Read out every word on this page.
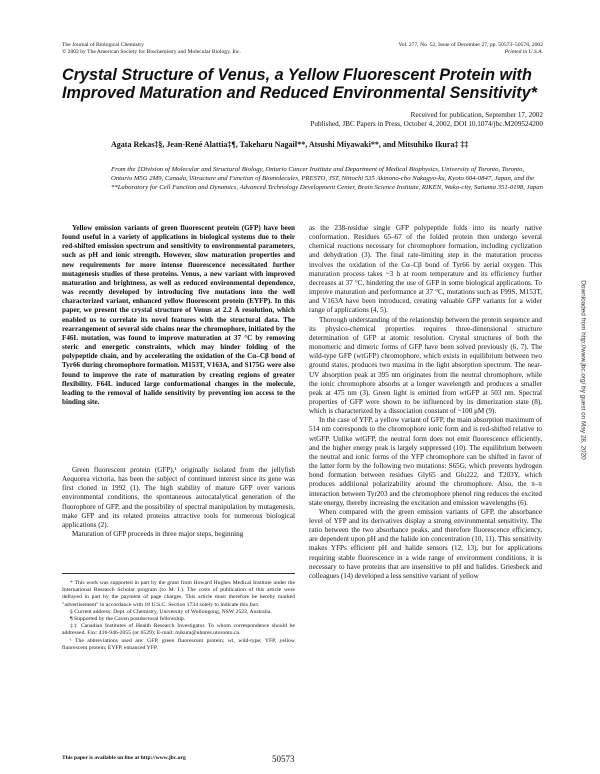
The Journal of Biological Chemistry
© 2002 by The American Society for Biochemistry and Molecular Biology, Inc.
Vol. 277, No. 52, Issue of December 27, pp. 50573–50578, 2002
Printed in U.S.A.
Crystal Structure of Venus, a Yellow Fluorescent Protein with Improved Maturation and Reduced Environmental Sensitivity*
Received for publication, September 17, 2002
Published, JBC Papers in Press, October 4, 2002, DOI 10.1074/jbc.M209524200
Agata Rekas‡§, Jean-René Alattia‡¶, Takeharu Nagai‖**, Atsushi Miyawaki**, and Mitsuhiko Ikura‡ ‡‡
From the ‡Division of Molecular and Structural Biology, Ontario Cancer Institute and Department of Medical Biophysics, University of Toronto, Toronto, Ontario M5G 2M9, Canada, ‖Structure and Function of Biomolecules, PRESTO, JST, Nittochi 535 Akinono-cho Nakagyo-ku, Kyoto 604-0847, Japan, and the **Laboratory for Cell Function and Dynamics, Advanced Technology Development Center, Brain Science Institute, RIKEN, Wako-city, Saitama 351-0198, Japan

Yellow emission variants of green fluorescent protein (GFP) have been found useful in a variety of applications in biological systems due to their red-shifted emission spectrum and sensitivity to environmental parameters, such as pH and ionic strength. However, slow maturation properties and new requirements for more intense fluorescence necessitated further mutagenesis studies of these proteins. Venus, a new variant with improved maturation and brightness, as well as reduced environmental dependence, was recently developed by introducing five mutations into the well characterized variant, enhanced yellow fluorescent protein (EYFP). In this paper, we present the crystal structure of Venus at 2.2 Å resolution, which enabled us to correlate its novel features with the structural data. The rearrangement of several side chains near the chromophore, initiated by the F46L mutation, was found to improve maturation at 37 °C by removing steric and energetic constraints, which may hinder folding of the polypeptide chain, and by accelerating the oxidation of the Cα–Cβ bond of Tyr66 during chromophore formation. M153T, V163A, and S175G were also found to improve the rate of maturation by creating regions of greater flexibility. F64L induced large conformational changes in the molecule, leading to the removal of halide sensitivity by preventing ion access to the binding site.

Green fluorescent protein (GFP),¹ originally isolated from the jellyfish Aequorea victoria, has been the subject of continued interest since its gene was first cloned in 1992 (1). The high stability of mature GFP over various environmental conditions, the spontaneous autocatalytical generation of the fluorophore of GFP, and the possibility of spectral manipulation by mutagenesis, make GFP and its related proteins attractive tools for numerous biological applications (2).

Maturation of GFP proceeds in three major steps, beginning

* This work was supported in part by the grant from Howard Hughes Medical Institute under the International Research Scholar program (to M. I.). The costs of publication of this article were defrayed in part by the payment of page charges. This article must therefore be hereby marked "advertisement" in accordance with 18 U.S.C. Section 1734 solely to indicate this fact.

§ Current address: Dept. of Chemistry, University of Wollongong, NSW 2522, Australia.

¶ Supported by the Caven postdoctoral fellowship.

‡‡ Canadian Institutes of Health Research Investigator. To whom correspondence should be addressed. Fax: 416-946-2055 (or 6529); E-mail: mikura@uhnres.utoronto.ca.

¹ The abbreviations used are: GFP, green fluorescent protein; wt, wild-type; YFP, yellow fluorescent protein; EYFP, enhanced YFP.

as the 238-residue single GFP polypeptide folds into its nearly native conformation. Residues 65–67 of the folded protein then undergo several chemical reactions necessary for chromophore formation, including cyclization and dehydration (3). The final rate-limiting step in the maturation process involves the oxidation of the Cα–Cβ bond of Tyr66 by aerial oxygen. This maturation process takes ~3 h at room temperature and its efficiency further decreases at 37 °C, hindering the use of GFP in some biological applications. To improve maturation and performance at 37 °C, mutations such as F99S, M153T, and V163A have been introduced, creating valuable GFP variants for a wider range of applications (4, 5).

Thorough understanding of the relationship between the protein sequence and its physico-chemical properties requires three-dimensional structure determination of GFP at atomic resolution. Crystal structures of both the monomeric and dimeric forms of GFP have been solved previously (6, 7). The wild-type GFP (wtGFP) chromophore, which exists in equilibrium between two ground states, produces two maxima in the light absorption spectrum. The near-UV absorption peak at 395 nm originates from the neutral chromophore, while the ionic chromophore absorbs at a longer wavelength and produces a smaller peak at 475 nm (3). Green light is emitted from wtGFP at 503 nm. Spectral properties of GFP were shown to be influenced by its dimerization state (8), which is characterized by a dissociation constant of ~100 μM (9).

In the case of YFP, a yellow variant of GFP, the main absorption maximum of 514 nm corresponds to the chromophore ionic form and is red-shifted relative to wtGFP. Unlike wtGFP, the neutral form does not emit fluorescence efficiently, and the higher energy peak is largely suppressed (10). The equilibrium between the neutral and ionic forms of the YFP chromophore can be shifted in favor of the latter form by the following two mutations: S65G, which prevents hydrogen bond formation between residues Gly65 and Glu222, and T203Y, which produces additional polarizability around the chromophore. Also, the π–π interaction between Tyr203 and the chromophore phenol ring reduces the excited state energy, thereby increasing the excitation and emission wavelengths (6).

When compared with the green emission variants of GFP, the absorbance level of YFP and its derivatives display a strong environmental sensitivity. The ratio between the two absorbance peaks, and therefore fluorescence efficiency, are dependent upon pH and the halide ion concentration (10, 11). This sensitivity makes YFPs efficient pH and halide sensors (12, 13), but for applications requiring stable fluorescence in a wide range of environment conditions, it is necessary to have proteins that are insensitive to pH and halides. Griesbeck and colleagues (14) developed a less sensitive variant of yellow

This paper is available on line at http://www.jbc.org	50573
Downloaded from http://www.jbc.org/ by guest on May 28, 2020
